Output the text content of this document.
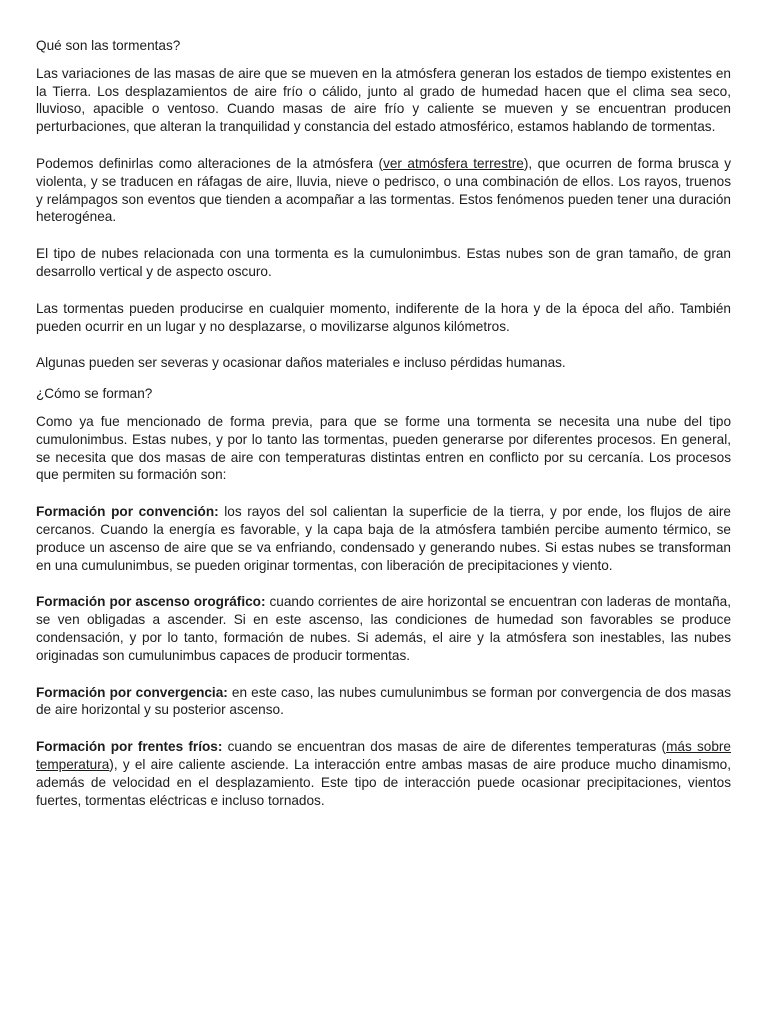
Qué son las tormentas?

Las variaciones de las masas de aire que se mueven en la atmósfera generan los estados de tiempo existentes en la Tierra. Los desplazamientos de aire frío o cálido, junto al grado de humedad hacen que el clima sea seco, lluvioso, apacible o ventoso. Cuando masas de aire frío y caliente se mueven y se encuentran producen perturbaciones, que alteran la tranquilidad y constancia del estado atmosférico, estamos hablando de tormentas.

Podemos definirlas como alteraciones de la atmósfera (ver atmósfera terrestre), que ocurren de forma brusca y violenta, y se traducen en ráfagas de aire, lluvia, nieve o pedrisco, o una combinación de ellos. Los rayos, truenos y relámpagos son eventos que tienden a acompañar a las tormentas. Estos fenómenos pueden tener una duración heterogénea.

El tipo de nubes relacionada con una tormenta es la cumulonimbus. Estas nubes son de gran tamaño, de gran desarrollo vertical y de aspecto oscuro.

Las tormentas pueden producirse en cualquier momento, indiferente de la hora y de la época del año. También pueden ocurrir en un lugar y no desplazarse, o movilizarse algunos kilómetros.

Algunas pueden ser severas y ocasionar daños materiales e incluso pérdidas humanas.

¿Cómo se forman?

Como ya fue mencionado de forma previa, para que se forme una tormenta se necesita una nube del tipo cumulonimbus. Estas nubes, y por lo tanto las tormentas, pueden generarse por diferentes procesos. En general, se necesita que dos masas de aire con temperaturas distintas entren en conflicto por su cercanía. Los procesos que permiten su formación son:

Formación por convención: los rayos del sol calientan la superficie de la tierra, y por ende, los flujos de aire cercanos. Cuando la energía es favorable, y la capa baja de la atmósfera también percibe aumento térmico, se produce un ascenso de aire que se va enfriando, condensado y generando nubes. Si estas nubes se transforman en una cumulunimbus, se pueden originar tormentas, con liberación de precipitaciones y viento.

Formación por ascenso orográfico: cuando corrientes de aire horizontal se encuentran con laderas de montaña, se ven obligadas a ascender. Si en este ascenso, las condiciones de humedad son favorables se produce condensación, y por lo tanto, formación de nubes. Si además, el aire y la atmósfera son inestables, las nubes originadas son cumulunimbus capaces de producir tormentas.

Formación por convergencia: en este caso, las nubes cumulunimbus se forman por convergencia de dos masas de aire horizontal y su posterior ascenso.

Formación por frentes fríos: cuando se encuentran dos masas de aire de diferentes temperaturas (más sobre temperatura), y el aire caliente asciende. La interacción entre ambas masas de aire produce mucho dinamismo, además de velocidad en el desplazamiento. Este tipo de interacción puede ocasionar precipitaciones, vientos fuertes, tormentas eléctricas e incluso tornados.
